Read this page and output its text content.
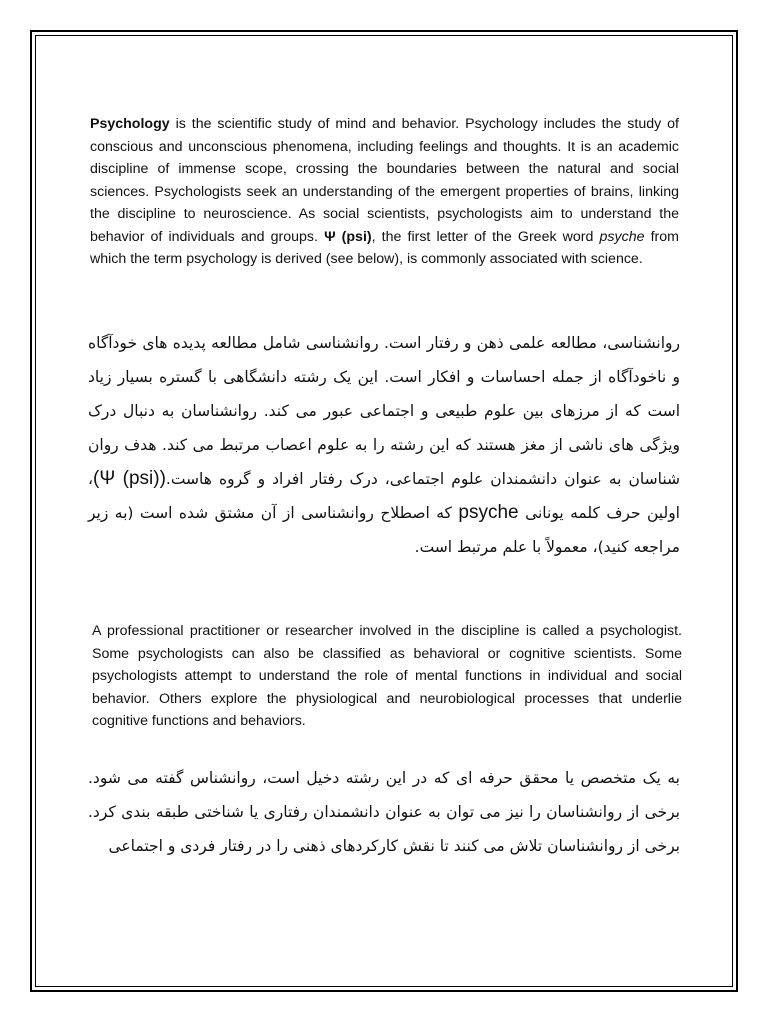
Psychology is the scientific study of mind and behavior. Psychology includes the study of conscious and unconscious phenomena, including feelings and thoughts. It is an academic discipline of immense scope, crossing the boundaries between the natural and social sciences. Psychologists seek an understanding of the emergent properties of brains, linking the discipline to neuroscience. As social scientists, psychologists aim to understand the behavior of individuals and groups. Ψ (psi), the first letter of the Greek word psyche from which the term psychology is derived (see below), is commonly associated with science.

روانشناسی، مطالعه علمی ذهن و رفتار است. روانشناسی شامل مطالعه پدیده های خودآگاه و ناخودآگاه از جمله احساسات و افکار است. این یک رشته دانشگاهی با گستره بسیار زیاد است که از مرزهای بین علوم طبیعی و اجتماعی عبور می کند. روانشناسان به دنبال درک ویژگی های ناشی از مغز هستند که این رشته را به علوم اعصاب مرتبط می کند. هدف روان شناسان به عنوان دانشمندان علوم اجتماعی، درک رفتار افراد و گروه هاست.(Ψ (psi))، اولین حرف کلمه یونانی psyche که اصطلاح روانشناسی از آن مشتق شده است (به زیر مراجعه کنید)، معمولاً با علم مرتبط است.

A professional practitioner or researcher involved in the discipline is called a psychologist. Some psychologists can also be classified as behavioral or cognitive scientists. Some psychologists attempt to understand the role of mental functions in individual and social behavior. Others explore the physiological and neurobiological processes that underlie cognitive functions and behaviors.

به یک متخصص یا محقق حرفه ای که در این رشته دخیل است، روانشناس گفته می شود. برخی از روانشناسان را نیز می توان به عنوان دانشمندان رفتاری یا شناختی طبقه بندی کرد. برخی از روانشناسان تلاش می کنند تا نقش کارکردهای ذهنی را در رفتار فردی و اجتماعی
